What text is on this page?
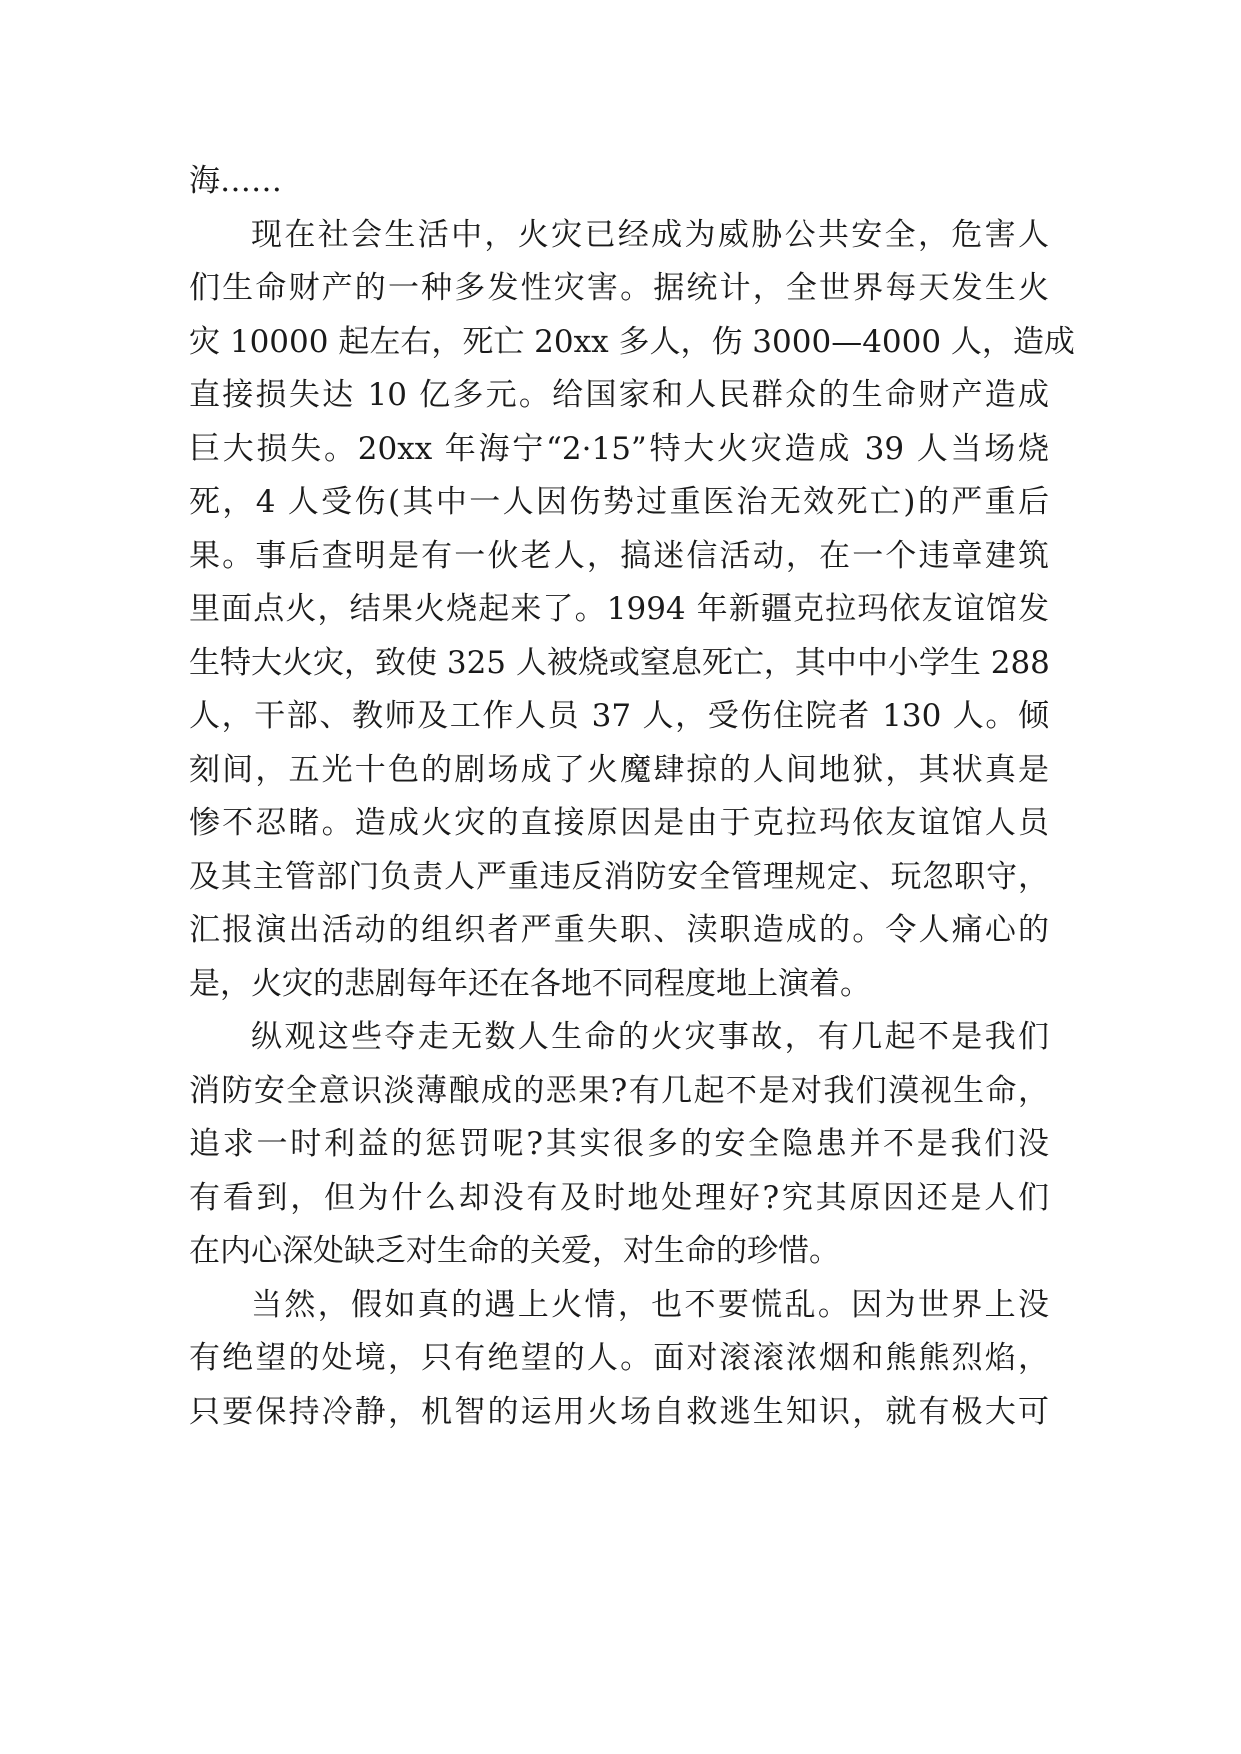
海……
现在社会生活中，火灾已经成为威胁公共安全，危害人
们生命财产的一种多发性灾害。据统计，全世界每天发生火
灾 10000 起左右，死亡 20xx 多人，伤 3000—4000 人，造成
直接损失达 10 亿多元。给国家和人民群众的生命财产造成
巨大损失。20xx 年海宁“2·15”特大火灾造成 39 人当场烧
死，4 人受伤(其中一人因伤势过重医治无效死亡)的严重后
果。事后查明是有一伙老人，搞迷信活动，在一个违章建筑
里面点火，结果火烧起来了。1994 年新疆克拉玛依友谊馆发
生特大火灾，致使 325 人被烧或窒息死亡，其中中小学生 288
人，干部、教师及工作人员 37 人，受伤住院者 130 人。倾
刻间，五光十色的剧场成了火魔肆掠的人间地狱，其状真是
惨不忍睹。造成火灾的直接原因是由于克拉玛依友谊馆人员
及其主管部门负责人严重违反消防安全管理规定、玩忽职守，
汇报演出活动的组织者严重失职、渎职造成的。令人痛心的
是，火灾的悲剧每年还在各地不同程度地上演着。
纵观这些夺走无数人生命的火灾事故，有几起不是我们
消防安全意识淡薄酿成的恶果?有几起不是对我们漠视生命，
追求一时利益的惩罚呢?其实很多的安全隐患并不是我们没
有看到，但为什么却没有及时地处理好?究其原因还是人们
在内心深处缺乏对生命的关爱，对生命的珍惜。
当然，假如真的遇上火情，也不要慌乱。因为世界上没
有绝望的处境，只有绝望的人。面对滚滚浓烟和熊熊烈焰，
只要保持冷静，机智的运用火场自救逃生知识，就有极大可
